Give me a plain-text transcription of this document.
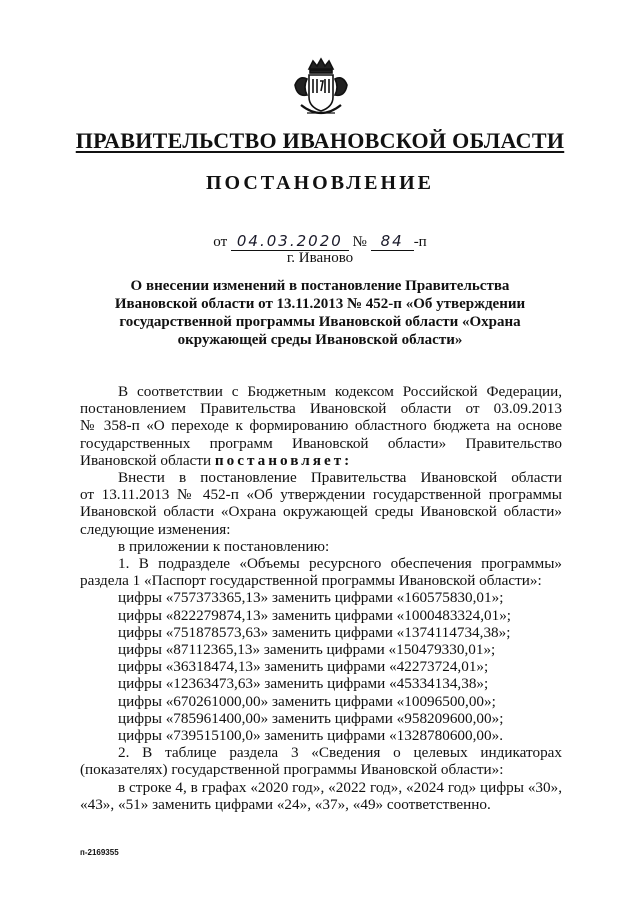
ПРАВИТЕЛЬСТВО ИВАНОВСКОЙ ОБЛАСТИ
ПОСТАНОВЛЕНИЕ
от 04.03.2020 № 84 -п
г. Иваново
О внесении изменений в постановление Правительства
Ивановской области от 13.11.2013 № 452-п «Об утверждении
государственной программы Ивановской области «Охрана
окружающей среды Ивановской области»
В соответствии с Бюджетным кодексом Российской Федерации,
постановлением Правительства Ивановской области от 03.09.2013
№ 358-п «О переходе к формированию областного бюджета на основе
государственных программ Ивановской области» Правительство
Ивановской области постановляет:
Внести в постановление Правительства Ивановской области
от 13.11.2013 № 452-п «Об утверждении государственной программы
Ивановской области «Охрана окружающей среды Ивановской области»
следующие изменения:
в приложении к постановлению:
1. В подразделе «Объемы ресурсного обеспечения программы»
раздела 1 «Паспорт государственной программы Ивановской области»:
цифры «757373365,13» заменить цифрами «160575830,01»;
цифры «822279874,13» заменить цифрами «1000483324,01»;
цифры «751878573,63» заменить цифрами «1374114734,38»;
цифры «87112365,13» заменить цифрами «150479330,01»;
цифры «36318474,13» заменить цифрами «42273724,01»;
цифры «12363473,63» заменить цифрами «45334134,38»;
цифры «670261000,00» заменить цифрами «10096500,00»;
цифры «785961400,00» заменить цифрами «958209600,00»;
цифры «739515100,0» заменить цифрами «1328780600,00».
2. В таблице раздела 3 «Сведения о целевых индикаторах
(показателях) государственной программы Ивановской области»:
в строке 4, в графах «2020 год», «2022 год», «2024 год» цифры «30»,
«43», «51» заменить цифрами «24», «37», «49» соответственно.
п-2169355
